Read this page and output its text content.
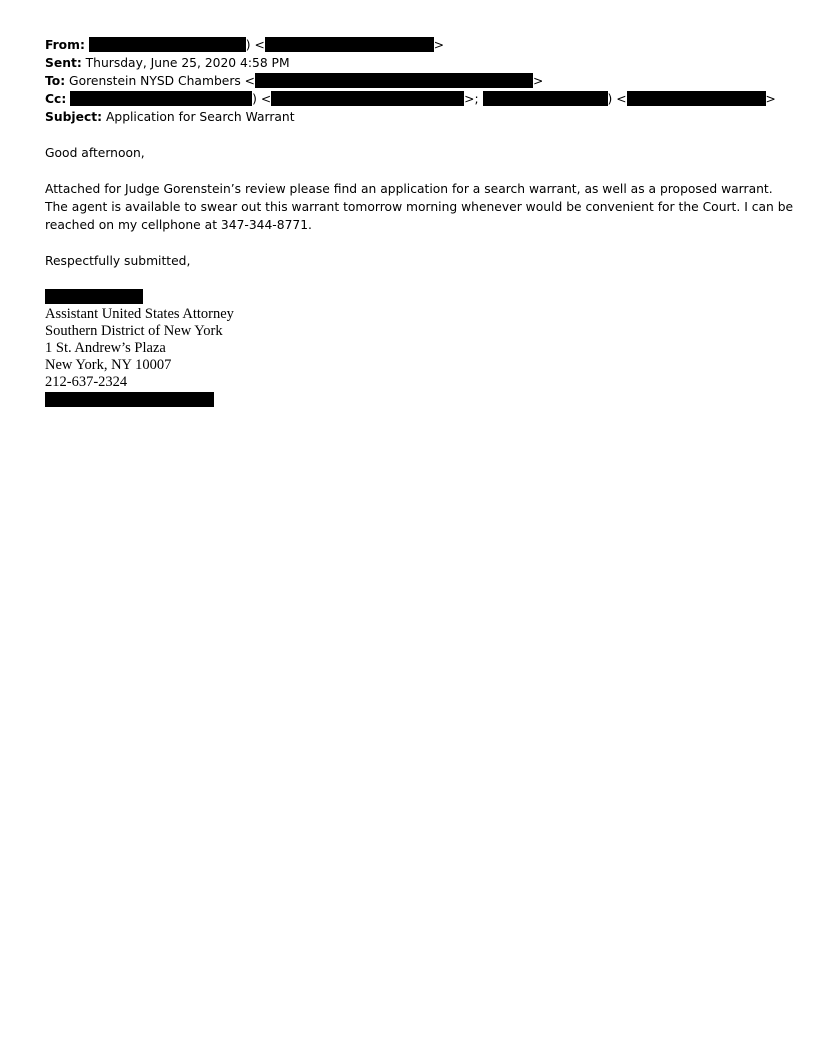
From:	) <	>
Sent: Thursday, June 25, 2020 4:58 PM
To: Gorenstein NYSD Chambers <	>
Cc:	) <	>;	) <	>
Subject: Application for Search Warrant
Good afternoon,
Attached for Judge Gorenstein’s review please find an application for a search warrant, as well as a proposed warrant.
The agent is available to swear out this warrant tomorrow morning whenever would be convenient for the Court. I can be
reached on my cellphone at 347-344-8771.
Respectfully submitted,
Assistant United States Attorney
Southern District of New York
1 St. Andrew’s Plaza
New York, NY 10007
212-637-2324
